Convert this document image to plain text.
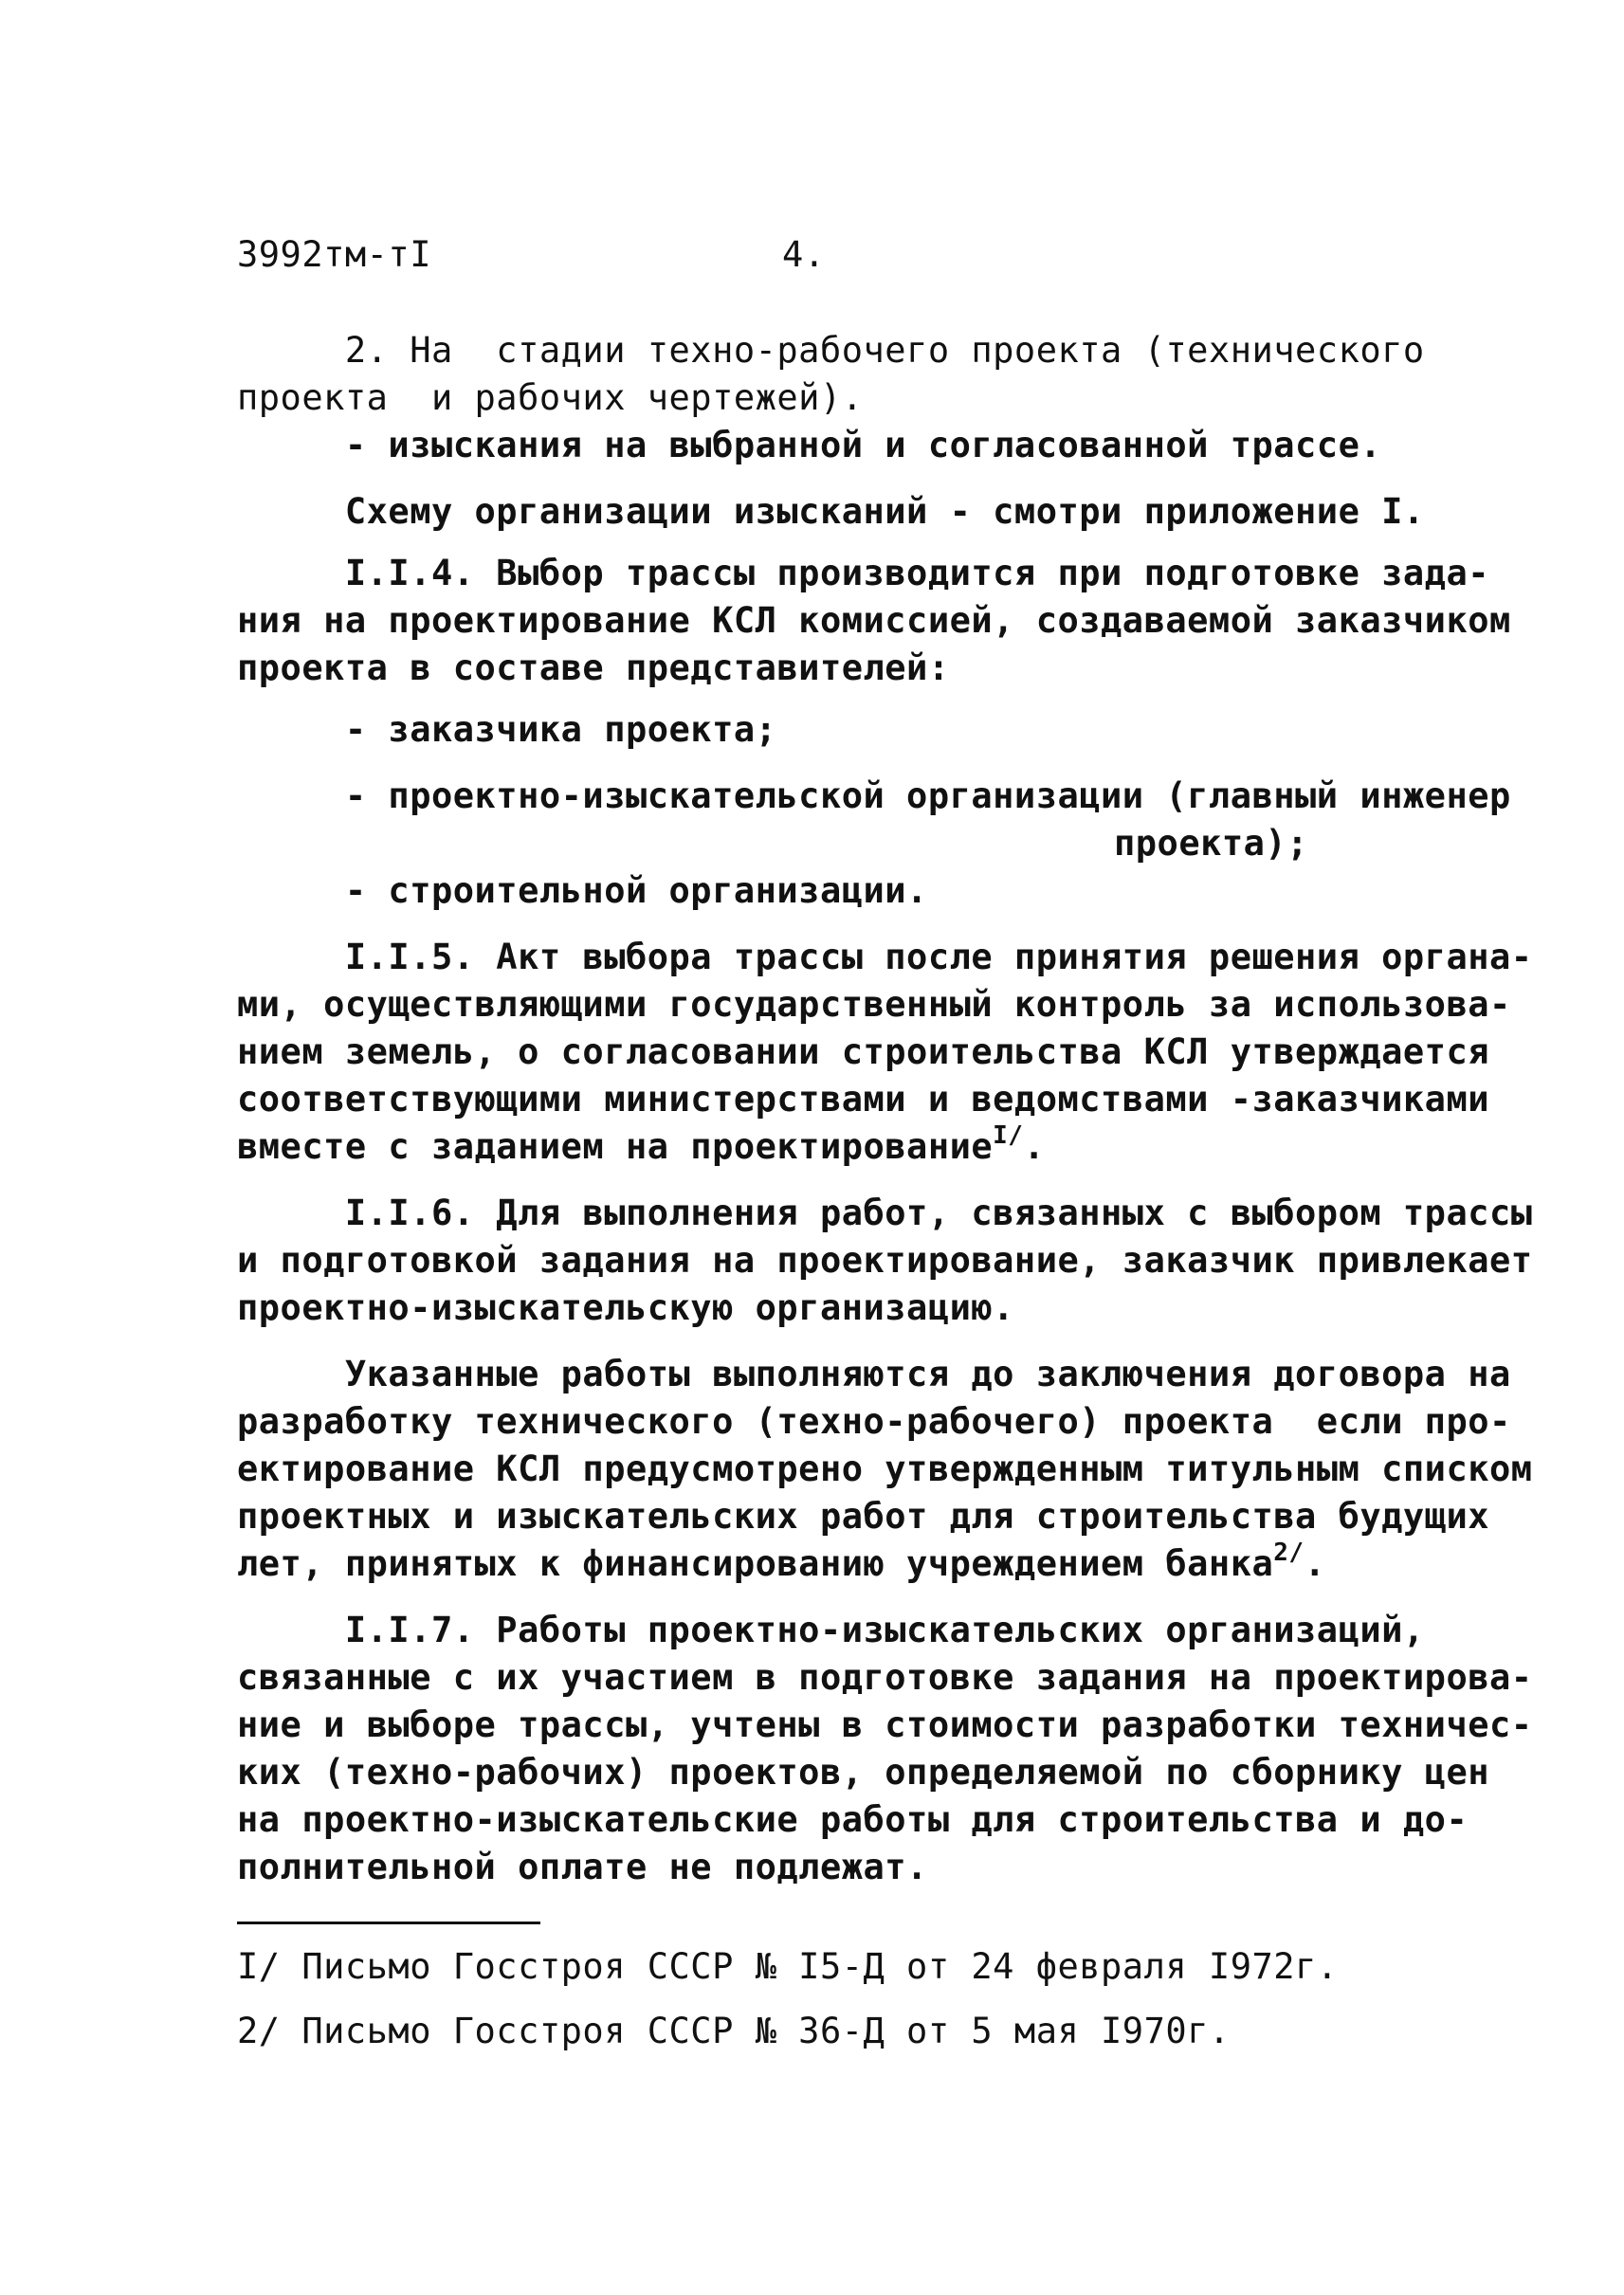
3992тм-тI	4.
2. На  стадии техно-рабочего проекта (технического
проекта  и рабочих чертежей).
- изыскания на выбранной и согласованной трассе.
Схему организации изысканий - смотри приложение I.
I.I.4. Выбор трассы производится при подготовке зада-
ния на проектирование КСЛ комиссией, создаваемой заказчиком
проекта в составе представителей:
- заказчика проекта;
- проектно-изыскательской организации (главный инженер
проекта);
- строительной организации.
I.I.5. Акт выбора трассы после принятия решения органа-
ми, осуществляющими государственный контроль за использова-
нием земель, о согласовании строительства КСЛ утверждается
соответствующими министерствами и ведомствами -заказчиками
вместе с заданием на проектирование$^{I/}$.
I.I.6. Для выполнения работ, связанных с выбором трассы
и подготовкой задания на проектирование, заказчик привлекает
проектно-изыскательскую организацию.
Указанные работы выполняются до заключения договора на
разработку технического (техно-рабочего) проекта  если про-
ектирование КСЛ предусмотрено утвержденным титульным списком
проектных и изыскательских работ для строительства будущих
лет, принятых к финансированию учреждением банка$^{2/}$.
I.I.7. Работы проектно-изыскательских организаций,
связанные с их участием в подготовке задания на проектирова-
ние и выборе трассы, учтены в стоимости разработки техничес-
ких (техно-рабочих) проектов, определяемой по сборнику цен
на проектно-изыскательские работы для строительства и до-
полнительной оплате не подлежат.
I/ Письмо Госстроя СССР № I5-Д от 24 февраля I972г.
2/ Письмо Госстроя СССР № 36-Д от 5 мая I970г.
